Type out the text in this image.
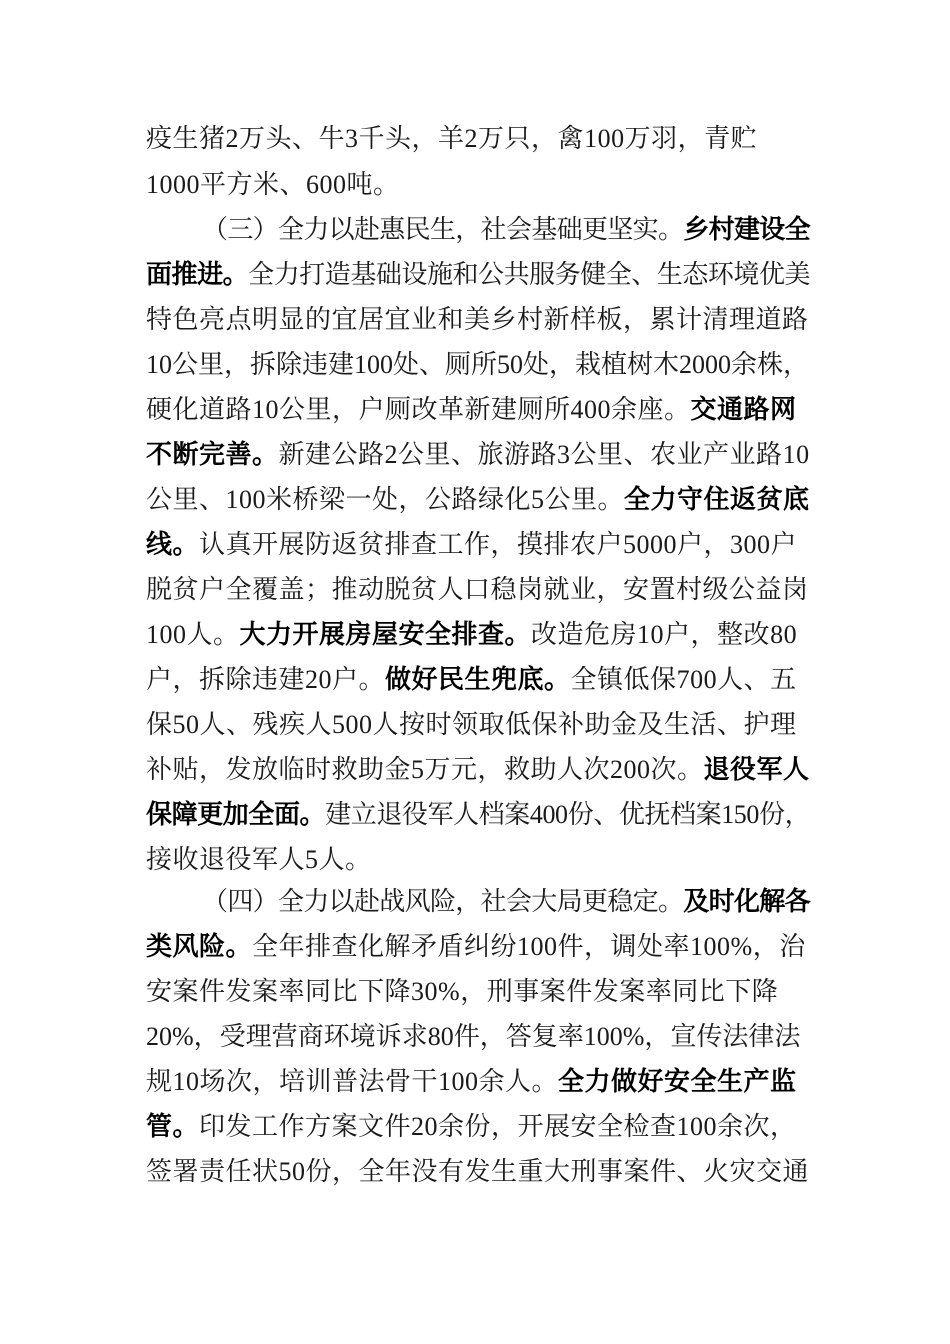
疫生猪2万头、牛3千头，羊2万只，禽100万羽，青贮
1000平方米、600吨。
（三）全力以赴惠民生，社会基础更坚实。乡村建设全
面推进。全力打造基础设施和公共服务健全、生态环境优美
特色亮点明显的宜居宜业和美乡村新样板，累计清理道路
10公里，拆除违建100处、厕所50处，栽植树木2000余株，
硬化道路10公里，户厕改革新建厕所400余座。交通路网
不断完善。新建公路2公里、旅游路3公里、农业产业路10
公里、100米桥梁一处，公路绿化5公里。全力守住返贫底
线。认真开展防返贫排查工作，摸排农户5000户，300户
脱贫户全覆盖；推动脱贫人口稳岗就业，安置村级公益岗
100人。大力开展房屋安全排查。改造危房10户，整改80
户，拆除违建20户。做好民生兜底。全镇低保700人、五
保50人、残疾人500人按时领取低保补助金及生活、护理
补贴，发放临时救助金5万元，救助人次200次。退役军人
保障更加全面。建立退役军人档案400份、优抚档案150份，
接收退役军人5人。
（四）全力以赴战风险，社会大局更稳定。及时化解各
类风险。全年排查化解矛盾纠纷100件，调处率100%，治
安案件发案率同比下降30%，刑事案件发案率同比下降
20%，受理营商环境诉求80件，答复率100%，宣传法律法
规10场次，培训普法骨干100余人。全力做好安全生产监
管。印发工作方案文件20余份，开展安全检查100余次，
签署责任状50份，全年没有发生重大刑事案件、火灾交通
